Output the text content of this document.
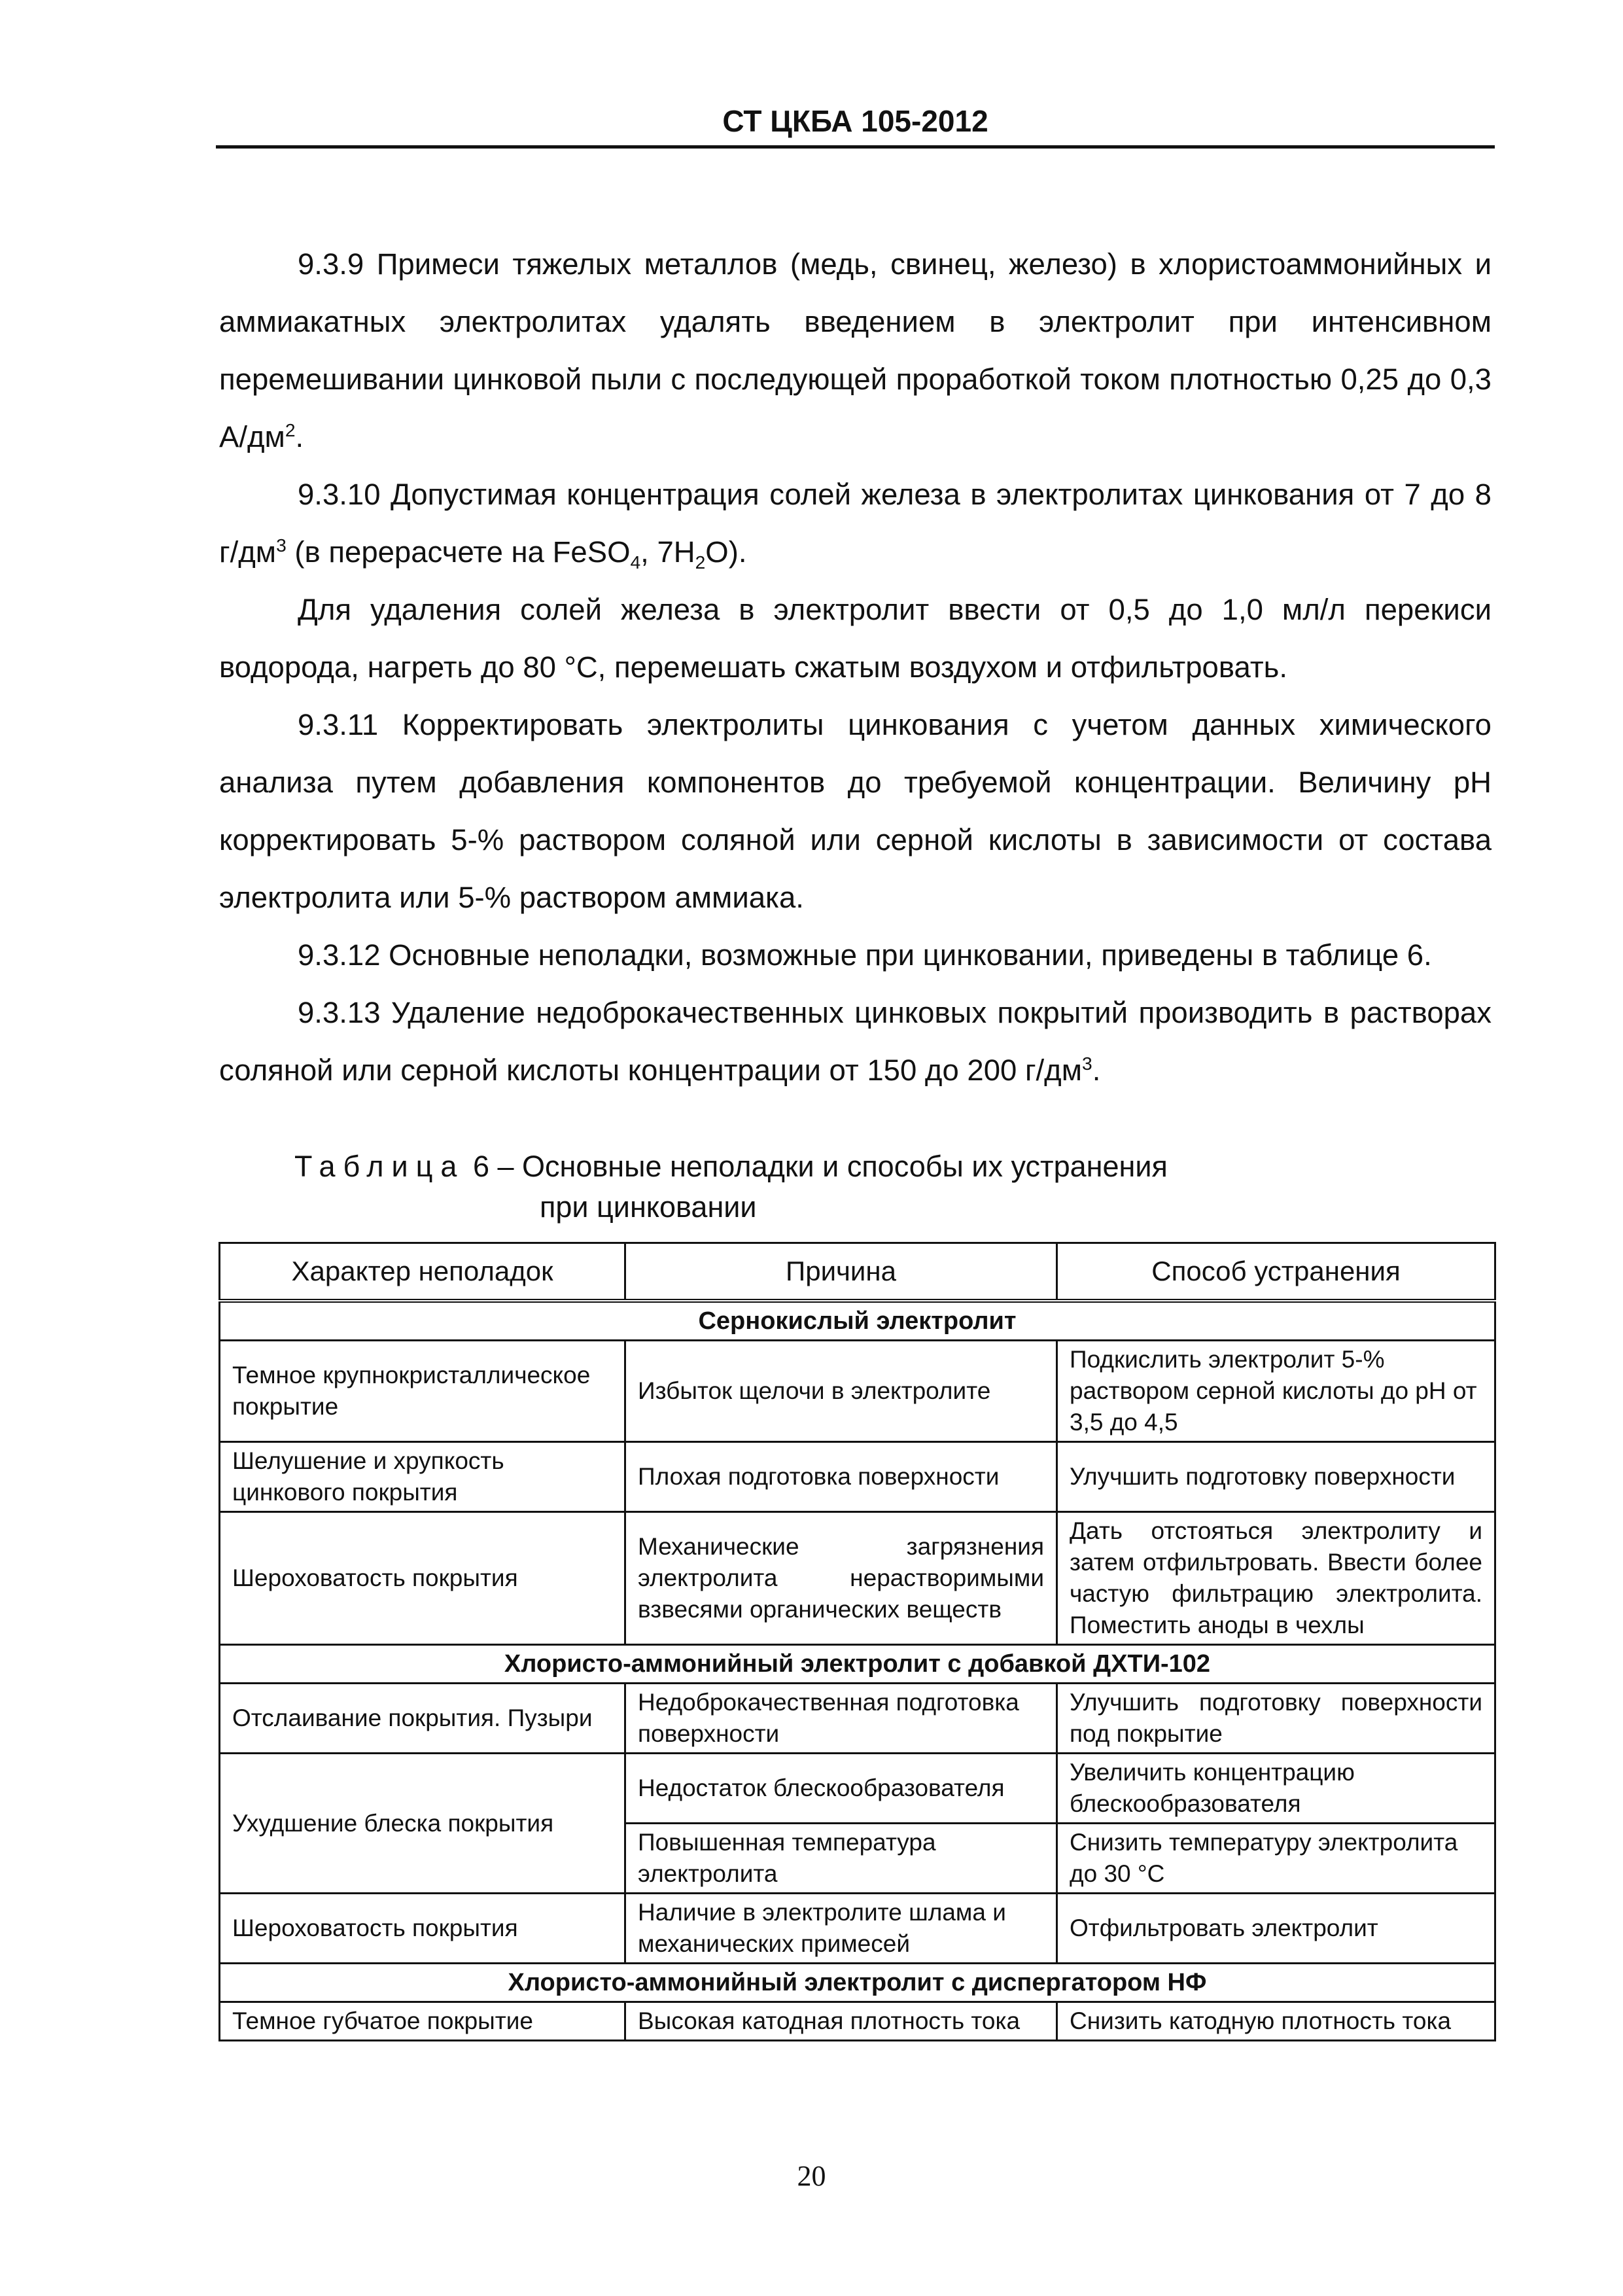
СТ ЦКБА 105-2012

9.3.9 Примеси тяжелых металлов (медь, свинец, железо) в хлористоаммонийных и аммиакатных электролитах удалять введением в электролит при интенсивном перемешивании цинковой пыли с последующей проработкой током плотностью 0,25 до 0,3 $А/дм^2$.

9.3.10 Допустимая концентрация солей железа в электролитах цинкования от 7 до 8 $г/дм^3$ (в перерасчете на FeSO$_4$, $7H_2O$).

Для удаления солей железа в электролит ввести от 0,5 до 1,0 мл/л перекиси водорода, нагреть до 80 °С, перемешать сжатым воздухом и отфильтровать.

9.3.11 Корректировать электролиты цинкования с учетом данных химического анализа путем добавления компонентов до требуемой концентрации. Величину pH корректировать 5-% раствором соляной или серной кислоты в зависимости от состава электролита или 5-% раствором аммиака.

9.3.12 Основные неполадки, возможные при цинковании, приведены в таблице 6.

9.3.13 Удаление недоброкачественных цинковых покрытий производить в растворах соляной или серной кислоты концентрации от 150 до 200 $г/дм^3$.

Таблица 6 – Основные неполадки и способы их устранения
при цинковании
Характер неполадок	Причина	Способ устранения
Сернокислый электролит		
Темное крупнокристаллическое покрытие	Избыток щелочи в электролите	Подкислить электролит 5-% раствором серной кислоты до pH от 3,5 до 4,5
Шелушение и хрупкость цинкового покрытия	Плохая подготовка поверхности	Улучшить подготовку поверхности
Шероховатость покрытия	Механические загрязнения электролита нерастворимыми взвесями органических веществ	Дать отстояться электролиту и затем отфильтровать. Ввести более частую фильтрацию электролита. Поместить аноды в чехлы
Хлористо-аммонийный электролит с добавкой ДХТИ-102		
Отслаивание покрытия. Пузыри	Недоброкачественная подготовка поверхности	Улучшить подготовку поверхности под покрытие
Ухудшение блеска покрытия	Недостаток блескообразователя	Увеличить концентрацию блескообразователя
	Повышенная температура электролита	Снизить температуру электролита до 30 °С
Шероховатость покрытия	Наличие в электролите шлама и механических примесей	Отфильтровать электролит
Хлористо-аммонийный электролит с диспергатором НФ		
Темное губчатое покрытие	Высокая катодная плотность тока	Снизить катодную плотность тока
20
